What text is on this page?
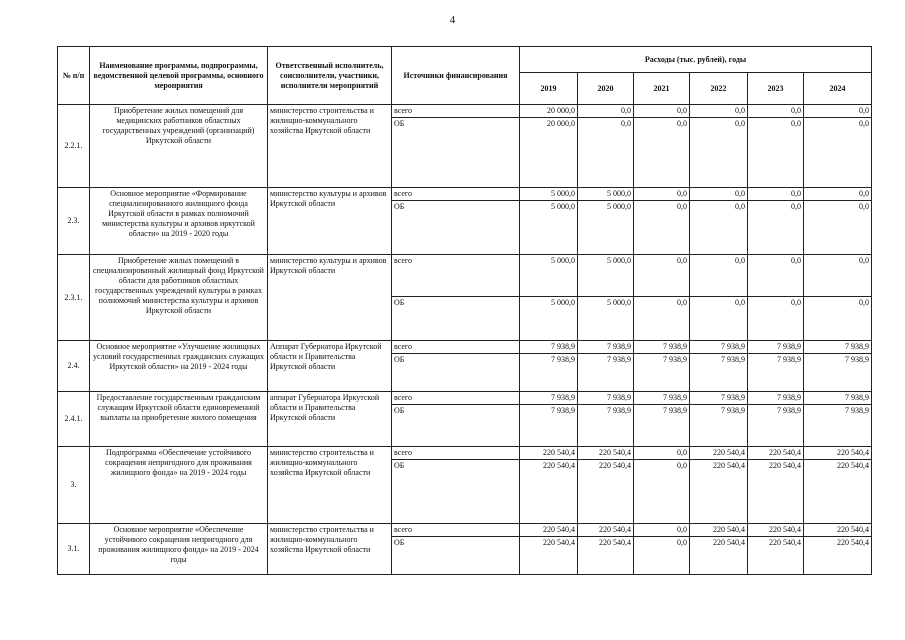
4
№ п/п	Наименование программы, подпрограммы, ведомственной целевой программы, основного мероприятия	Ответственный исполнитель, соисполнители, участники, исполнители мероприятий	Источники финансирования	Расходы (тыс. рублей), годы					
				2019	2020	2021	2022	2023	2024
2.2.1.	Приобретение жилых помещений для медицинских работников областных государственных учреждений (организаций) Иркутской области	министерство строительства и жилищно-коммунального хозяйства Иркутской области	всего	20 000,0	0,0	0,0	0,0	0,0	0,0
			ОБ	20 000,0	0,0	0,0	0,0	0,0	0,0
2.3.	Основное мероприятие «Формирование специализированного жилищного фонда Иркутской области в рамках полномочий министерства культуры и архивов иркутской области» на 2019 - 2020 годы	министерство культуры и архивов Иркутской области	всего	5 000,0	5 000,0	0,0	0,0	0,0	0,0
			ОБ	5 000,0	5 000,0	0,0	0,0	0,0	0,0
2.3.1.	Приобретение жилых помещений в специализированный жилищный фонд Иркутской области для работников областных государственных учреждений культуры в рамках полномочий министерства культуры и архивов Иркутской области	министерство культуры и архивов Иркутской области	всего	5 000,0	5 000,0	0,0	0,0	0,0	0,0
			ОБ	5 000,0	5 000,0	0,0	0,0	0,0	0,0
2.4.	Основное мероприятие «Улучшение жилищных условий государственных гражданских служащих Иркутской области» на 2019 - 2024 годы	Аппарат Губернатора Иркутской области и Правительства Иркутской области	всего	7 938,9	7 938,9	7 938,9	7 938,9	7 938,9	7 938,9
			ОБ	7 938,9	7 938,9	7 938,9	7 938,9	7 938,9	7 938,9
2.4.1.	Предоставление государственным гражданским служащим Иркутской области единовременной выплаты на приобретение жилого помещения	аппарат Губернатора Иркутской области и Правительства Иркутской области	всего	7 938,9	7 938,9	7 938,9	7 938,9	7 938,9	7 938,9
			ОБ	7 938,9	7 938,9	7 938,9	7 938,9	7 938,9	7 938,9
3.	Подпрограмма «Обеспечение устойчивого сокращения непригодного для проживания жилищного фонда» на 2019 - 2024 годы	министерство строительства и жилищно-коммунального хозяйства Иркутской области	всего	220 540,4	220 540,4	0,0	220 540,4	220 540,4	220 540,4
			ОБ	220 540,4	220 540,4	0,0	220 540,4	220 540,4	220 540,4
3.1.	Основное мероприятие «Обеспечение устойчивого сокращения непригодного для проживания жилищного фонда» на 2019 - 2024 годы	министерство строительства и жилищно-коммунального хозяйства Иркутской области	всего	220 540,4	220 540,4	0,0	220 540,4	220 540,4	220 540,4
			ОБ	220 540,4	220 540,4	0,0	220 540,4	220 540,4	220 540,4
